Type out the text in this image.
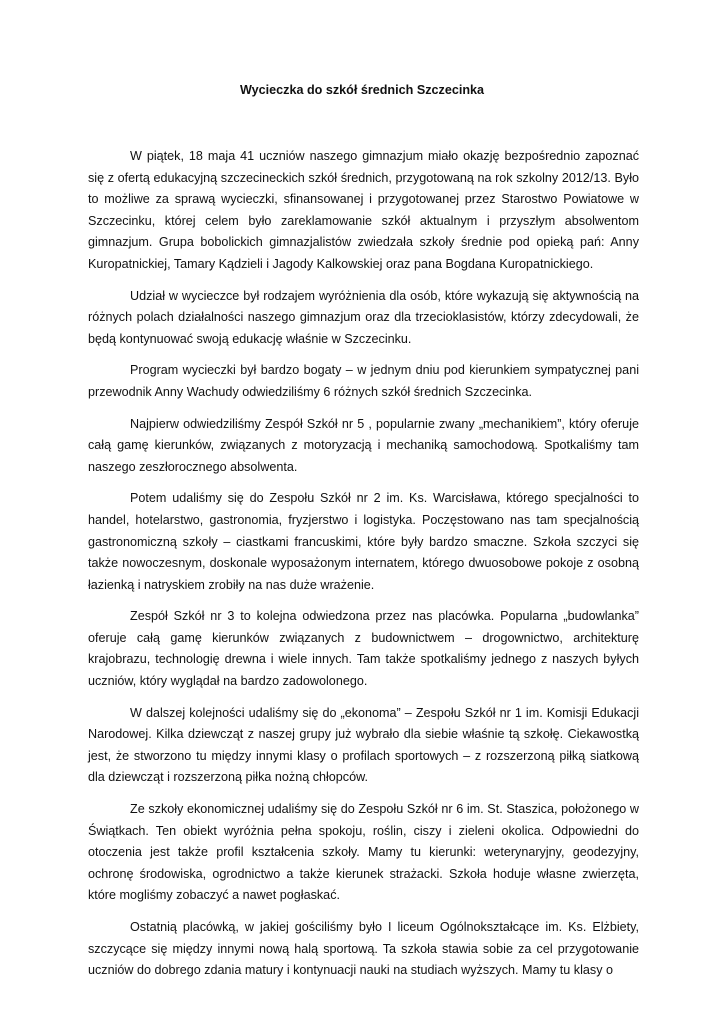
Wycieczka do szkół średnich Szczecinka

W piątek, 18 maja 41 uczniów naszego gimnazjum miało okazję bezpośrednio zapoznać się z ofertą edukacyjną szczecineckich szkół średnich, przygotowaną na rok szkolny 2012/13. Było to możliwe za sprawą wycieczki, sfinansowanej i przygotowanej przez Starostwo Powiatowe w Szczecinku, której celem było zareklamowanie szkół aktualnym i przyszłym absolwentom gimnazjum. Grupa bobolickich gimnazjalistów zwiedzała szkoły średnie pod opieką pań: Anny Kuropatnickiej, Tamary Kądzieli i Jagody Kalkowskiej oraz pana Bogdana Kuropatnickiego.

Udział w wycieczce był rodzajem wyróżnienia dla osób, które wykazują się aktywnością na różnych polach działalności naszego gimnazjum oraz dla trzecioklasistów, którzy zdecydowali, że będą kontynuować swoją edukację właśnie w Szczecinku.

Program wycieczki był bardzo bogaty – w jednym dniu pod kierunkiem sympatycznej pani przewodnik Anny Wachudy odwiedziliśmy 6 różnych szkół średnich Szczecinka.

Najpierw odwiedziliśmy Zespół Szkół nr 5 , popularnie zwany „mechanikiem”, który oferuje całą gamę kierunków, związanych z motoryzacją i mechaniką samochodową. Spotkaliśmy tam naszego zeszłorocznego absolwenta.

Potem udaliśmy się do Zespołu Szkół nr 2 im. Ks. Warcisława, którego specjalności to handel, hotelarstwo, gastronomia, fryzjerstwo i logistyka. Poczęstowano nas tam specjalnością gastronomiczną szkoły – ciastkami francuskimi, które były bardzo smaczne. Szkoła szczyci się także nowoczesnym, doskonale wyposażonym internatem, którego dwuosobowe pokoje z osobną łazienką i natryskiem zrobiły na nas duże wrażenie.

Zespół Szkół nr 3 to kolejna odwiedzona przez nas placówka. Popularna „budowlanka” oferuje całą gamę kierunków związanych z budownictwem – drogownictwo, architekturę krajobrazu, technologię drewna i wiele innych. Tam także spotkaliśmy jednego z naszych byłych uczniów, który wyglądał na bardzo zadowolonego.

W dalszej kolejności udaliśmy się do „ekonoma” – Zespołu Szkół nr 1 im. Komisji Edukacji Narodowej. Kilka dziewcząt z naszej grupy już wybrało dla siebie właśnie tą szkołę. Ciekawostką jest, że stworzono tu między innymi klasy o profilach sportowych – z rozszerzoną piłką siatkową dla dziewcząt i rozszerzoną piłka nożną chłopców.

Ze szkoły ekonomicznej udaliśmy się do Zespołu Szkół nr 6 im. St. Staszica, położonego w Świątkach. Ten obiekt wyróżnia pełna spokoju, roślin, ciszy i zieleni okolica. Odpowiedni do otoczenia jest także profil kształcenia szkoły. Mamy tu kierunki: weterynaryjny, geodezyjny, ochronę środowiska, ogrodnictwo a także kierunek strażacki. Szkoła hoduje własne zwierzęta, które mogliśmy zobaczyć a nawet pogłaskać.

Ostatnią placówką, w jakiej gościliśmy było I liceum Ogólnokształcące im. Ks. Elżbiety, szczycące się między innymi nową halą sportową. Ta szkoła stawia sobie za cel przygotowanie uczniów do dobrego zdania matury i kontynuacji nauki na studiach wyższych. Mamy tu klasy o
